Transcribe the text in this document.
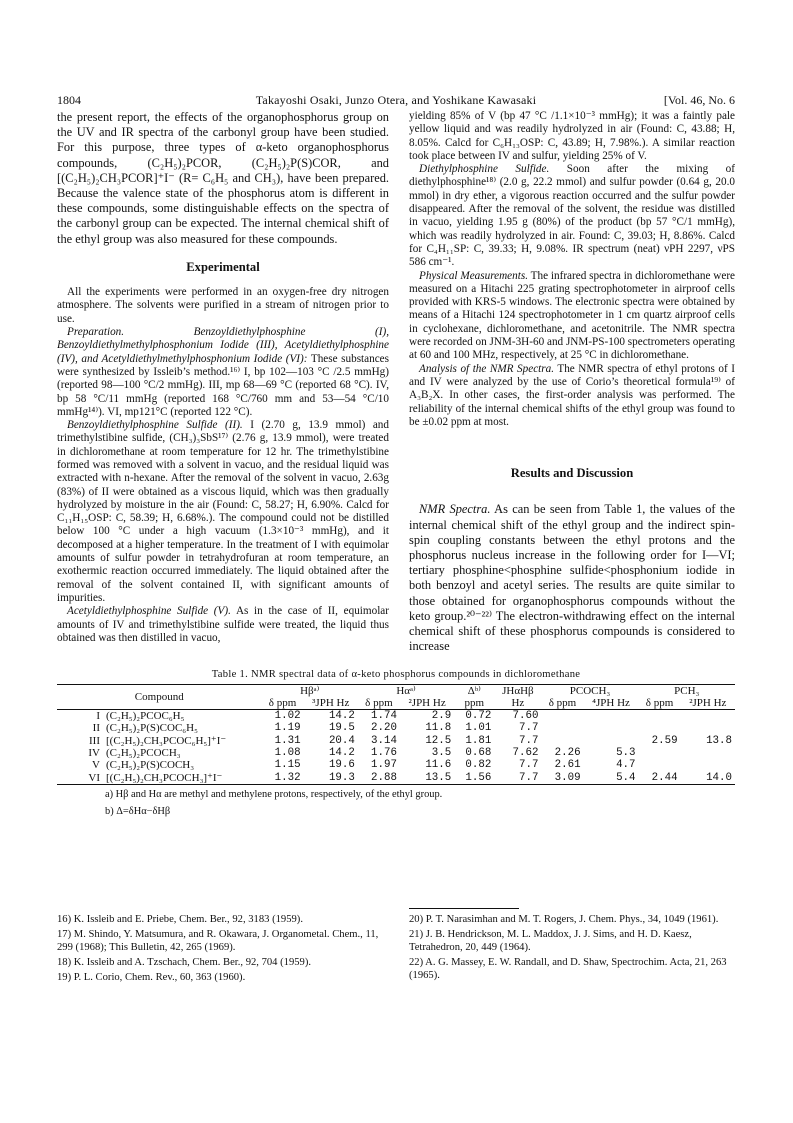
1804	Takayoshi Osaki, Junzo Otera, and Yoshikane Kawasaki	[Vol. 46, No. 6

the present report, the effects of the organophosphorus group on the UV and IR spectra of the carbonyl group have been studied. For this purpose, three types of α-keto organophosphorus compounds, (C₂H₅)₂PCOR, (C₂H₅)₂P(S)COR, and [(C₂H₅)₂CH₃PCOR]⁺I⁻ (R= C₆H₅ and CH₃), have been prepared. Because the valence state of the phosphorus atom is different in these compounds, some distinguishable effects on the spectra of the carbonyl group can be expected. The internal chemical shift of the ethyl group was also measured for these compounds.

Experimental

All the experiments were performed in an oxygen-free dry nitrogen atmosphere. The solvents were purified in a stream of nitrogen prior to use.

Preparation.	Benzoyldiethylphosphine (I), Benzoyldiethylmethylphosphonium Iodide (III), Acetyldiethylphosphine (IV), and Acetyldiethylmethylphosphonium Iodide (VI): These substances were synthesized by Issleib’s method.¹⁶⁾ I, bp 102—103 °C /2.5 mmHg) (reported 98—100 °C/2 mmHg). III, mp 68—69 °C (reported 68 °C). IV, bp 58 °C/11 mmHg (reported 168 °C/760 mm and 53—54 °C/10 mmHg¹⁴⁾). VI, mp121°C (reported 122 °C).

Benzoyldiethylphosphine Sulfide (II). I (2.70 g, 13.9 mmol) and trimethylstibine sulfide, (CH₃)₃SbS¹⁷⁾ (2.76 g, 13.9 mmol), were treated in dichloromethane at room temperature for 12 hr. The trimethylstibine formed was removed with a solvent in vacuo, and the residual liquid was extracted with n-hexane. After the removal of the solvent in vacuo, 2.63g (83%) of II were obtained as a viscous liquid, which was then gradually hydrolyzed by moisture in the air (Found: C, 58.27; H, 6.90%. Calcd for C₁₁H₁₅OSP: C, 58.39; H, 6.68%.). The compound could not be distilled below 100 °C under a high vacuum (1.3×10⁻³ mmHg), and it decomposed at a higher temperature. In the treatment of I with equimolar amounts of sulfur powder in tetrahydrofuran at room temperature, an exothermic reaction occurred immediately. The liquid obtained after the removal of the solvent contained II, with significant amounts of impurities.

Acetyldiethylphosphine Sulfide (V). As in the case of II, equimolar amounts of IV and trimethylstibine sulfide were treated, the liquid thus obtained was then distilled in vacuo,

yielding 85% of V (bp 47 °C /1.1×10⁻³ mmHg); it was a faintly pale yellow liquid and was readily hydrolyzed in air (Found: C, 43.88; H, 8.05%. Calcd for C₆H₁₃OSP: C, 43.89; H, 7.98%.). A similar reaction took place between IV and sulfur, yielding 25% of V.

Diethylphosphine Sulfide. Soon after the mixing of diethylphosphine¹⁸⁾ (2.0 g, 22.2 mmol) and sulfur powder (0.64 g, 20.0 mmol) in dry ether, a vigorous reaction occurred and the sulfur powder disappeared. After the removal of the solvent, the residue was distilled in vacuo, yielding 1.95 g (80%) of the product (bp 57 °C/1 mmHg), which was readily hydrolyzed in air. Found: C, 39.03; H, 8.86%. Calcd for C₄H₁₁SP: C, 39.33; H, 9.08%. IR spectrum (neat) νPH 2297, νPS 586 cm⁻¹.

Physical Measurements. The infrared spectra in dichloromethane were measured on a Hitachi 225 grating spectrophotometer in airproof cells provided with KRS-5 windows. The electronic spectra were obtained by means of a Hitachi 124 spectrophotometer in 1 cm quartz airproof cells in cyclohexane, dichloromethane, and acetonitrile. The NMR spectra were recorded on JNM-3H-60 and JNM-PS-100 spectrometers operating at 60 and 100 MHz, respectively, at 25 °C in dichloromethane.

Analysis of the NMR Spectra. The NMR spectra of ethyl protons of I and IV were analyzed by the use of Corio’s theoretical formula¹⁹⁾ of A₃B₂X. In other cases, the first-order analysis was performed. The reliability of the internal chemical shifts of the ethyl group was found to be ±0.02 ppm at most.

Results and Discussion

NMR Spectra. As can be seen from Table 1, the values of the internal chemical shift of the ethyl group and the indirect spin-spin coupling constants between the ethyl protons and the phosphorus nucleus increase in the following order for I—VI; tertiary phosphine<phosphine sulfide<phosphonium iodide in both benzoyl and acetyl series. The results are quite similar to those obtained for organophosphorus compounds without the keto group.²⁰⁻²²⁾ The electron-withdrawing effect on the internal chemical shift of these phosphorus compounds is considered to increase

Table 1. NMR spectral data of α-keto phosphorus compounds in dichloromethane
Compound		Hβᵃ⁾		Hαᵃ⁾		Δᵇ⁾	JHαHβ	PCOCH₃		PCH₃	
		δ ppm	³JPH Hz	δ ppm	²JPH Hz	ppm	Hz	δ ppm	⁴JPH Hz	δ ppm	²JPH Hz
I	(C₂H₅)₂PCOC₆H₅	1.02	14.2	1.74	2.9	0.72	7.60				
II	(C₂H₅)₂P(S)COC₆H₅	1.19	19.5	2.20	11.8	1.01	7.7				
III	[(C₂H₅)₂CH₃PCOC₆H₅]⁺I⁻	1.31	20.4	3.14	12.5	1.81	7.7			2.59	13.8
IV	(C₂H₅)₂PCOCH₃	1.08	14.2	1.76	3.5	0.68	7.62	2.26	5.3		
V	(C₂H₅)₂P(S)COCH₃	1.15	19.6	1.97	11.6	0.82	7.7	2.61	4.7		
VI	[(C₂H₅)₂CH₃PCOCH₃]⁺I⁻	1.32	19.3	2.88	13.5	1.56	7.7	3.09	5.4	2.44	14.0
a) Hβ and Hα are methyl and methylene protons, respectively, of the ethyl group.
b) Δ=δHα−δHβ
16) K. Issleib and E. Priebe, Chem. Ber., 92, 3183 (1959).
17) M. Shindo, Y. Matsumura, and R. Okawara, J. Organometal. Chem., 11, 299 (1968); This Bulletin, 42, 265 (1969).
18) K. Issleib and A. Tzschach, Chem. Ber., 92, 704 (1959).
19) P. L. Corio, Chem. Rev., 60, 363 (1960).
20) P. T. Narasimhan and M. T. Rogers, J. Chem. Phys., 34, 1049 (1961).
21) J. B. Hendrickson, M. L. Maddox, J. J. Sims, and H. D. Kaesz, Tetrahedron, 20, 449 (1964).
22) A. G. Massey, E. W. Randall, and D. Shaw, Spectrochim. Acta, 21, 263 (1965).
